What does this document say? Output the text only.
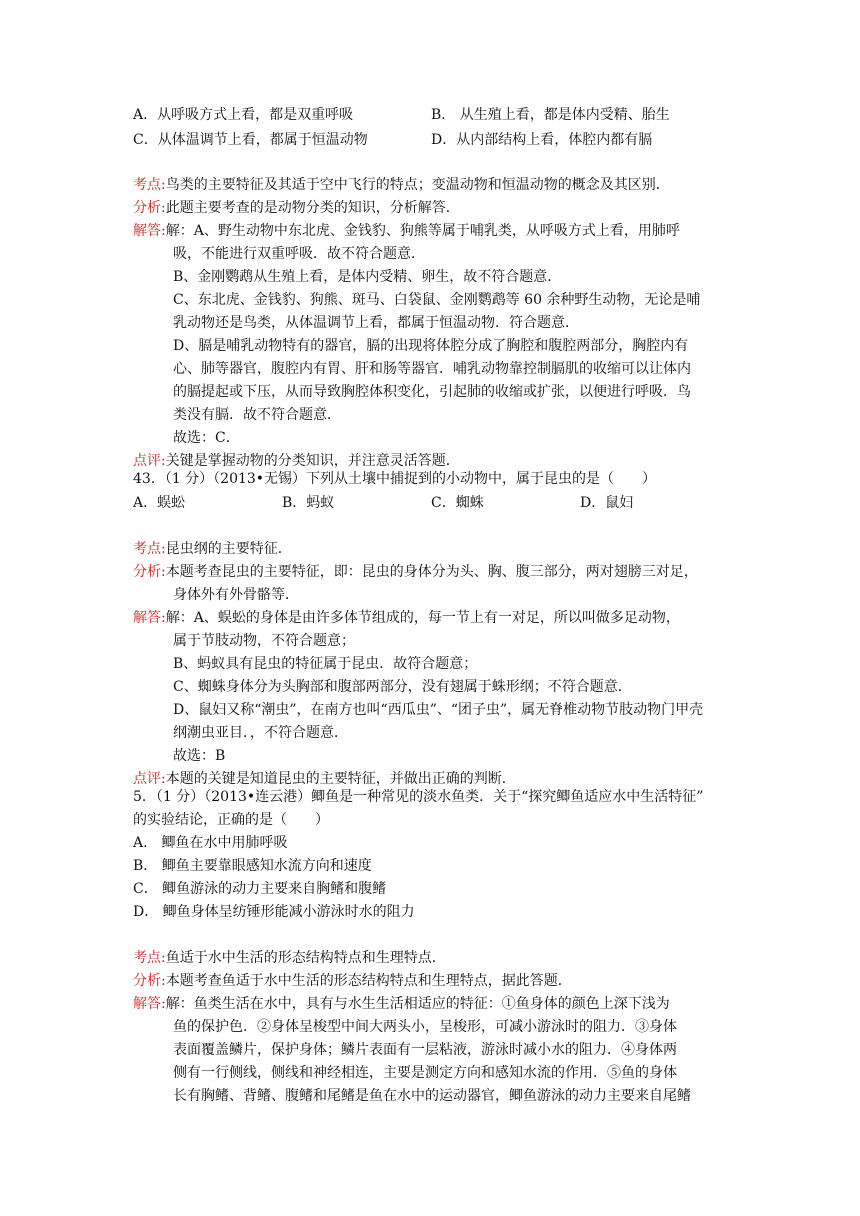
A．从呼吸方式上看，都是双重呼吸	B． 从生殖上看，都是体内受精、胎生
C．从体温调节上看，都属于恒温动物	D．从内部结构上看，体腔内都有膈
考点:鸟类的主要特征及其适于空中飞行的特点；变温动物和恒温动物的概念及其区别．
分析:此题主要考查的是动物分类的知识，分析解答．
解答:解：A、野生动物中东北虎、金钱豹、狗熊等属于哺乳类，从呼吸方式上看，用肺呼
吸，不能进行双重呼吸．故不符合题意．
B、金刚鹦鹉从生殖上看，是体内受精、卵生，故不符合题意．
C、东北虎、金钱豹、狗熊、斑马、白袋鼠、金刚鹦鹉等 60 余种野生动物，无论是哺
乳动物还是鸟类，从体温调节上看，都属于恒温动物．符合题意．
D、膈是哺乳动物特有的器官，膈的出现将体腔分成了胸腔和腹腔两部分，胸腔内有
心、肺等器官，腹腔内有胃、肝和肠等器官．哺乳动物靠控制膈肌的收缩可以让体内
的膈提起或下压，从而导致胸腔体积变化，引起肺的收缩或扩张，以便进行呼吸．鸟
类没有膈．故不符合题意．
故选：C．
点评:关键是掌握动物的分类知识，并注意灵活答题．
43．（1 分）（2013•无锡）下列从土壤中捕捉到的小动物中，属于昆虫的是（　　）
A．蜈蚣	B．蚂蚁	C．蜘蛛	D．鼠妇
考点:昆虫纲的主要特征．
分析:本题考查昆虫的主要特征，即：昆虫的身体分为头、胸、腹三部分，两对翅膀三对足，
身体外有外骨骼等．
解答:解：A、蜈蚣的身体是由许多体节组成的，每一节上有一对足，所以叫做多足动物，
属于节肢动物，不符合题意；
B、蚂蚁具有昆虫的特征属于昆虫．故符合题意；
C、蜘蛛身体分为头胸部和腹部两部分，没有翅属于蛛形纲；不符合题意．
D、鼠妇又称“潮虫”，在南方也叫“西瓜虫”、“团子虫”，属无脊椎动物节肢动物门甲壳
纲潮虫亚目．，不符合题意．
故选：B
点评:本题的关键是知道昆虫的主要特征，并做出正确的判断．
5．（1 分）（2013•连云港）鲫鱼是一种常见的淡水鱼类．关于“探究鲫鱼适应水中生活特征”
的实验结论，正确的是（　　）
A． 鲫鱼在水中用肺呼吸
B． 鲫鱼主要靠眼感知水流方向和速度
C． 鲫鱼游泳的动力主要来自胸鳍和腹鳍
D． 鲫鱼身体呈纺锤形能减小游泳时水的阻力
考点:鱼适于水中生活的形态结构特点和生理特点．
分析:本题考查鱼适于水中生活的形态结构特点和生理特点，据此答题．
解答:解：鱼类生活在水中，具有与水生生活相适应的特征：①鱼身体的颜色上深下浅为
鱼的保护色．②身体呈梭型中间大两头小，呈梭形，可减小游泳时的阻力．③身体
表面覆盖鳞片，保护身体；鳞片表面有一层粘液，游泳时减小水的阻力．④身体两
侧有一行侧线，侧线和神经相连，主要是测定方向和感知水流的作用．⑤鱼的身体
长有胸鳍、背鳍、腹鳍和尾鳍是鱼在水中的运动器官，鲫鱼游泳的动力主要来自尾鳍
